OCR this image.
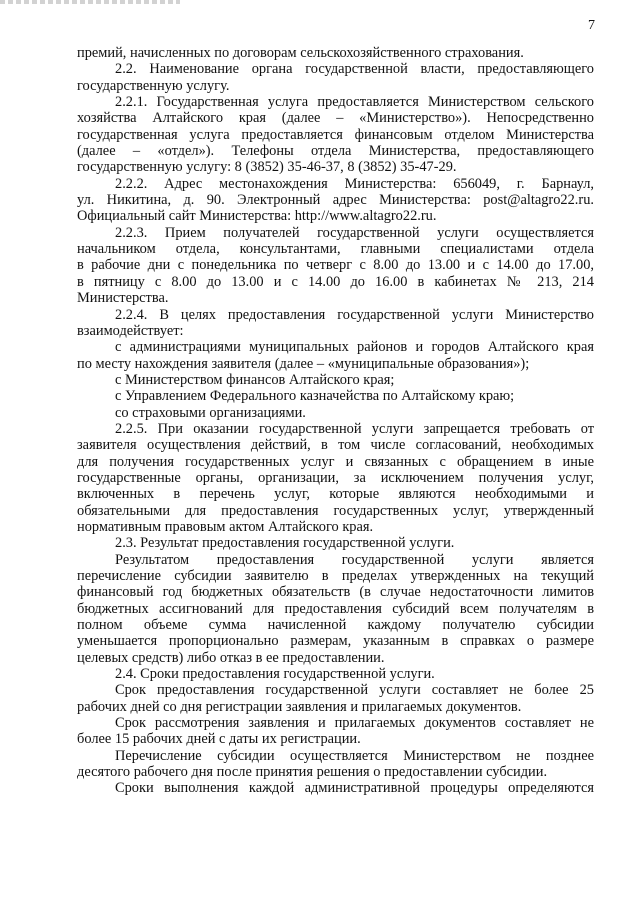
7
премий, начисленных по договорам сельскохозяйственного страхования.
2.2. Наименование органа государственной власти, предоставляющего
государственную услугу.
2.2.1. Государственная услуга предоставляется Министерством сельского
хозяйства Алтайского края (далее – «Министерство»). Непосредственно
государственная услуга предоставляется финансовым отделом Министерства
(далее – «отдел»). Телефоны отдела Министерства, предоставляющего
государственную услугу: 8 (3852) 35-46-37, 8 (3852) 35-47-29.
2.2.2. Адрес местонахождения Министерства: 656049, г. Барнаул,
ул. Никитина, д. 90. Электронный адрес Министерства: post@altagro22.ru.
Официальный сайт Министерства: http://www.altagro22.ru.
2.2.3. Прием получателей государственной услуги осуществляется
начальником отдела, консультантами, главными специалистами отдела
в рабочие дни с понедельника по четверг с 8.00 до 13.00 и с 14.00 до 17.00,
в пятницу с 8.00 до 13.00 и с 14.00 до 16.00 в кабинетах № 213, 214
Министерства.
2.2.4. В целях предоставления государственной услуги Министерство
взаимодействует:
с администрациями муниципальных районов и городов Алтайского края
по месту нахождения заявителя (далее – «муниципальные образования»);
с Министерством финансов Алтайского края;
с Управлением Федерального казначейства по Алтайскому краю;
со страховыми организациями.
2.2.5. При оказании государственной услуги запрещается требовать от
заявителя осуществления действий, в том числе согласований, необходимых
для получения государственных услуг и связанных с обращением в иные
государственные органы, организации, за исключением получения услуг,
включенных в перечень услуг, которые являются необходимыми и
обязательными для предоставления государственных услуг, утвержденный
нормативным правовым актом Алтайского края.
2.3. Результат предоставления государственной услуги.
Результатом предоставления государственной услуги является
перечисление субсидии заявителю в пределах утвержденных на текущий
финансовый год бюджетных обязательств (в случае недостаточности лимитов
бюджетных ассигнований для предоставления субсидий всем получателям в
полном объеме сумма начисленной каждому получателю субсидии
уменьшается пропорционально размерам, указанным в справках о размере
целевых средств) либо отказ в ее предоставлении.
2.4. Сроки предоставления государственной услуги.
Срок предоставления государственной услуги составляет не более 25
рабочих дней со дня регистрации заявления и прилагаемых документов.
Срок рассмотрения заявления и прилагаемых документов составляет не
более 15 рабочих дней с даты их регистрации.
Перечисление субсидии осуществляется Министерством не позднее
десятого рабочего дня после принятия решения о предоставлении субсидии.
Сроки выполнения каждой административной процедуры определяются
